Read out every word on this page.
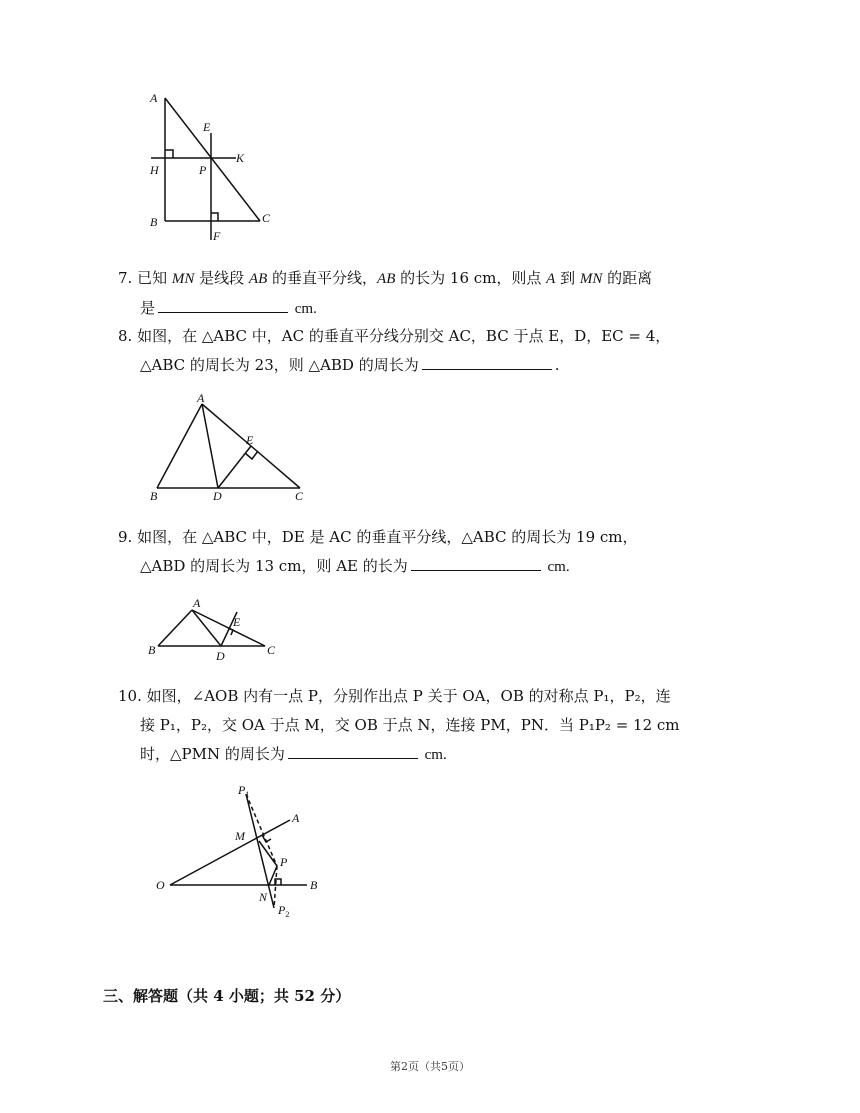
A
E
H	P
K
B
F
C
7. 已知 MN 是线段 AB 的垂直平分线，AB 的长为 16 cm，则点 A 到 MN 的距离
是	cm.
8. 如图，在 △ABC 中，AC 的垂直平分线分别交 AC，BC 于点 E，D，EC = 4，
△ABC 的周长为 23，则 △ABD 的周长为	.
A
E
B	D	C
9. 如图，在 △ABC 中，DE 是 AC 的垂直平分线，△ABC 的周长为 19 cm，
△ABD 的周长为 13 cm，则 AE 的长为	cm.
A
E
B	D	C
10. 如图，∠AOB 内有一点 P，分别作出点 P 关于 OA，OB 的对称点 P₁，P₂，连
接 P₁，P₂，交 OA 于点 M，交 OB 于点 N，连接 PM，PN．当 P₁P₂ = 12 cm
时，△PMN 的周长为	cm.
$P_1$
M
A
P
O
N
B
$P_2$
三、解答题（共 4 小题；共 52 分）
第2页（共5页）
